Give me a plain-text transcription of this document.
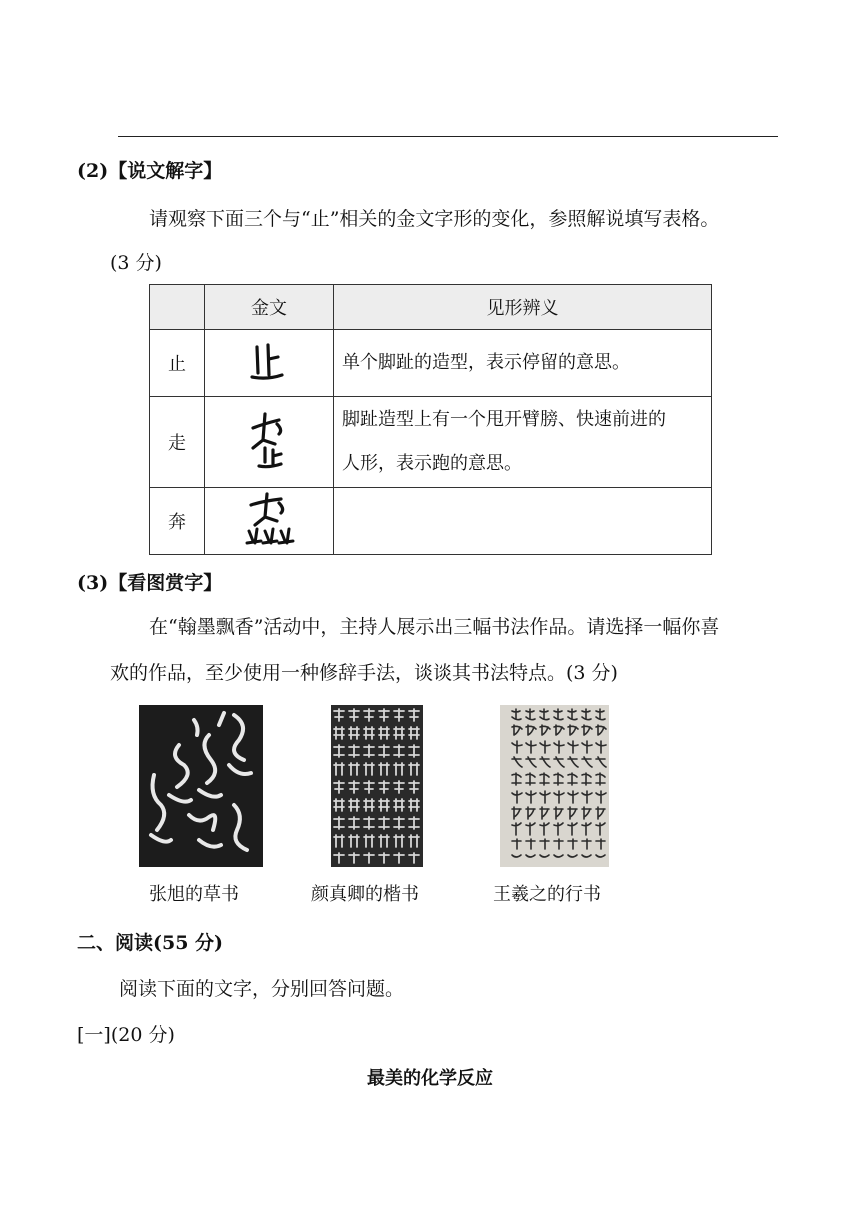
(2)【说文解字】
请观察下面三个与“止”相关的金文字形的变化，参照解说填写表格。
(3 分)
	金文	见形辨义
止		单个脚趾的造型，表示停留的意思。
走		脚趾造型上有一个甩开臂膀、快速前进的
人形，表示跑的意思。

奔		
(3)【看图赏字】
在“翰墨飘香”活动中，主持人展示出三幅书法作品。请选择一幅你喜
欢的作品，至少使用一种修辞手法，谈谈其书法特点。(3 分)
张旭的草书	颜真卿的楷书	王羲之的行书
二、阅读(55 分)
阅读下面的文字，分别回答问题。
[一](20 分)
最美的化学反应
